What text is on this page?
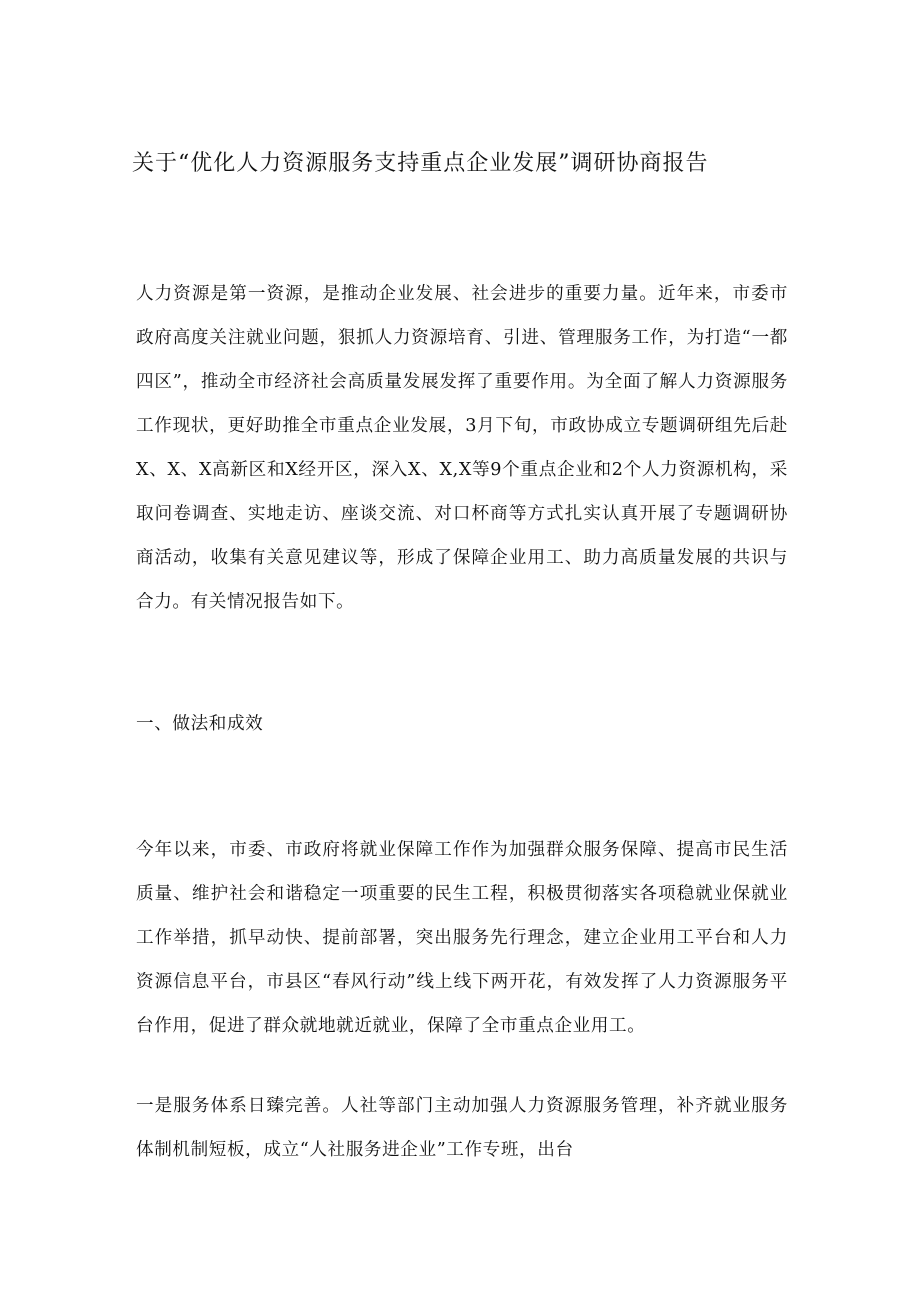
关于“优化人力资源服务支持重点企业发展”调研协商报告

人力资源是第一资源，是推动企业发展、社会进步的重要力量。近年来，市委市政府高度关注就业问题，狠抓人力资源培育、引进、管理服务工作，为打造“一都四区”，推动全市经济社会高质量发展发挥了重要作用。为全面了解人力资源服务工作现状，更好助推全市重点企业发展，3月下旬，市政协成立专题调研组先后赴X、X、X高新区和X经开区，深入X、X,X等9个重点企业和2个人力资源机构，采取问卷调查、实地走访、座谈交流、对口杯商等方式扎实认真开展了专题调研协商活动，收集有关意见建议等，形成了保障企业用工、助力高质量发展的共识与合力。有关情况报告如下。

一、做法和成效

今年以来，市委、市政府将就业保障工作作为加强群众服务保障、提高市民生活质量、维护社会和谐稳定一项重要的民生工程，积极贯彻落实各项稳就业保就业工作举措，抓早动快、提前部署，突出服务先行理念，建立企业用工平台和人力资源信息平台，市县区“春风行动”线上线下两开花，有效发挥了人力资源服务平台作用，促进了群众就地就近就业，保障了全市重点企业用工。

一是服务体系日臻完善。人社等部门主动加强人力资源服务管理，补齐就业服务体制机制短板，成立“人社服务进企业”工作专班，出台
